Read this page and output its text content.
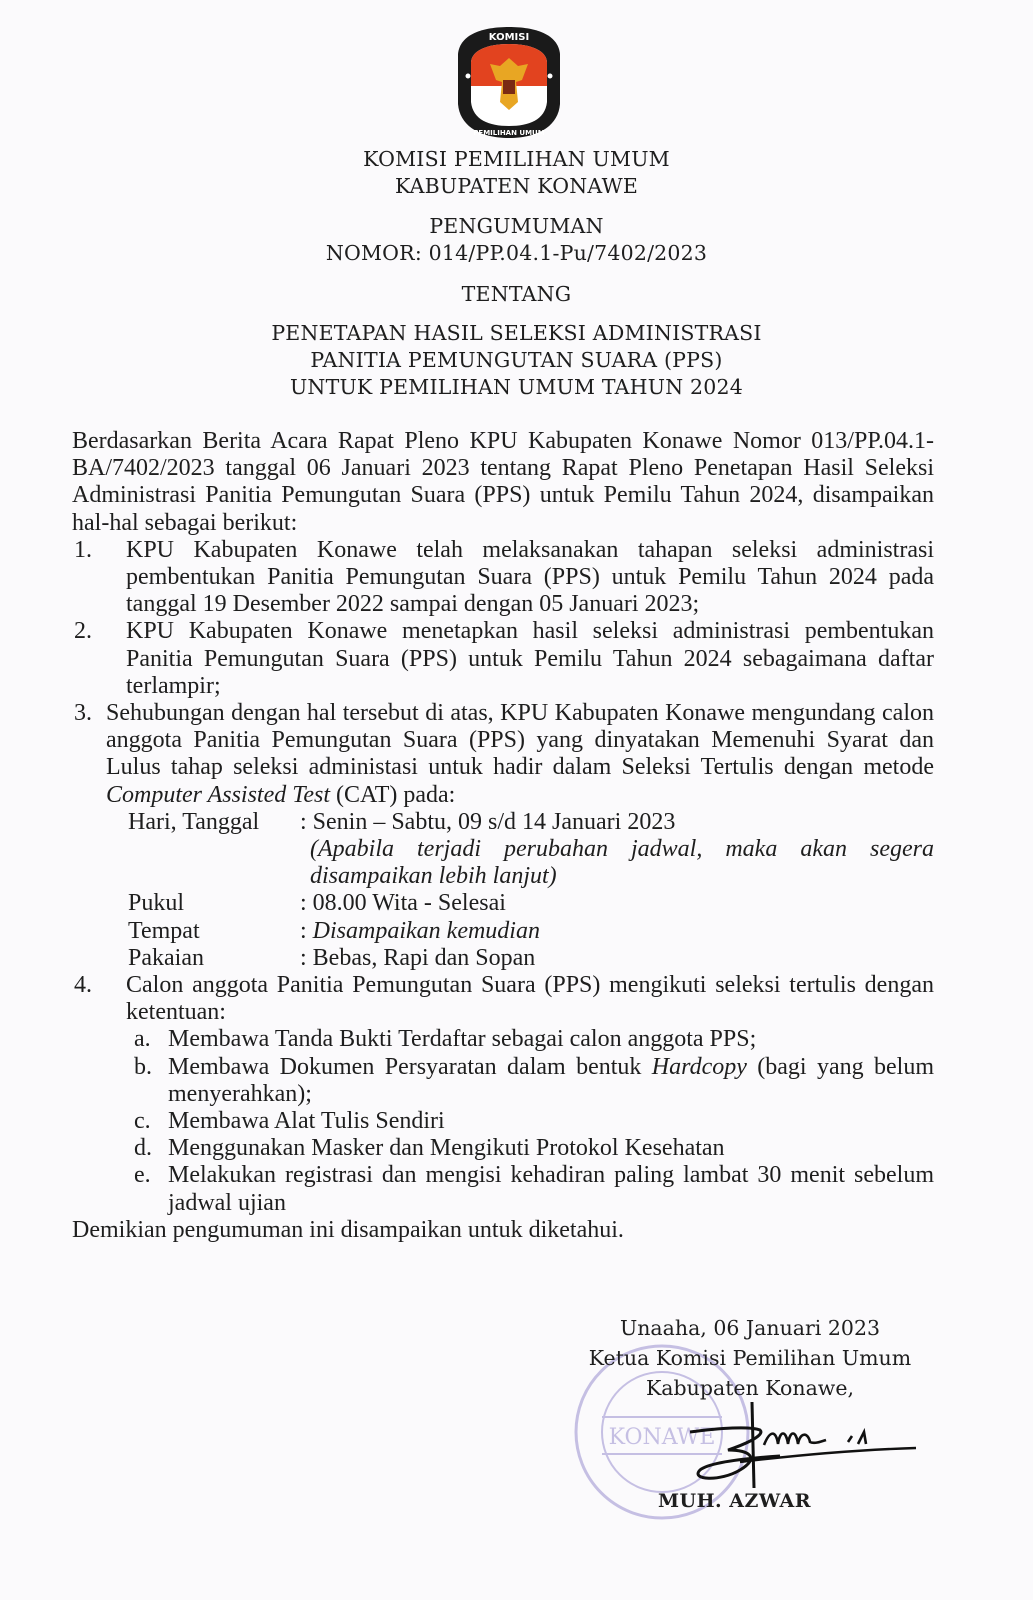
KOMISI
PEMILIHAN UMUM
KOMISI PEMILIHAN UMUM
KABUPATEN KONAWE
PENGUMUMAN
NOMOR: 014/PP.04.1-Pu/7402/2023
TENTANG
PENETAPAN HASIL SELEKSI ADMINISTRASI
PANITIA PEMUNGUTAN SUARA (PPS)
UNTUK PEMILIHAN UMUM TAHUN 2024
Berdasarkan Berita Acara Rapat Pleno KPU Kabupaten Konawe Nomor 013/PP.04.1-BA/7402/2023 tanggal 06 Januari 2023 tentang Rapat Pleno Penetapan Hasil Seleksi Administrasi Panitia Pemungutan Suara (PPS) untuk Pemilu Tahun 2024, disampaikan hal-hal sebagai berikut:
1. KPU Kabupaten Konawe telah melaksanakan tahapan seleksi administrasi pembentukan Panitia Pemungutan Suara (PPS) untuk Pemilu Tahun 2024 pada tanggal 19 Desember 2022 sampai dengan 05 Januari 2023;
2. KPU Kabupaten Konawe menetapkan hasil seleksi administrasi pembentukan Panitia Pemungutan Suara (PPS) untuk Pemilu Tahun 2024 sebagaimana daftar terlampir;
3. Sehubungan dengan hal tersebut di atas, KPU Kabupaten Konawe mengundang calon anggota Panitia Pemungutan Suara (PPS) yang dinyatakan Memenuhi Syarat dan Lulus tahap seleksi administasi untuk hadir dalam Seleksi Tertulis dengan metode Computer Assisted Test (CAT) pada:
Hari, Tanggal	: Senin – Sabtu, 09 s/d 14 Januari 2023
(Apabila terjadi perubahan jadwal, maka akan segera disampaikan lebih lanjut)
Pukul	: 08.00 Wita - Selesai
Tempat	: Disampaikan kemudian
Pakaian	: Bebas, Rapi dan Sopan
4. Calon anggota Panitia Pemungutan Suara (PPS) mengikuti seleksi tertulis dengan ketentuan:
a. Membawa Tanda Bukti Terdaftar sebagai calon anggota PPS;
b. Membawa Dokumen Persyaratan dalam bentuk Hardcopy (bagi yang belum menyerahkan);
c. Membawa Alat Tulis Sendiri
d. Menggunakan Masker dan Mengikuti Protokol Kesehatan
e. Melakukan registrasi dan mengisi kehadiran paling lambat 30 menit sebelum jadwal ujian
Demikian pengumuman ini disampaikan untuk diketahui.
KONAWE
Unaaha, 06 Januari 2023
Ketua Komisi Pemilihan Umum
Kabupaten Konawe,
MUH. AZWAR
